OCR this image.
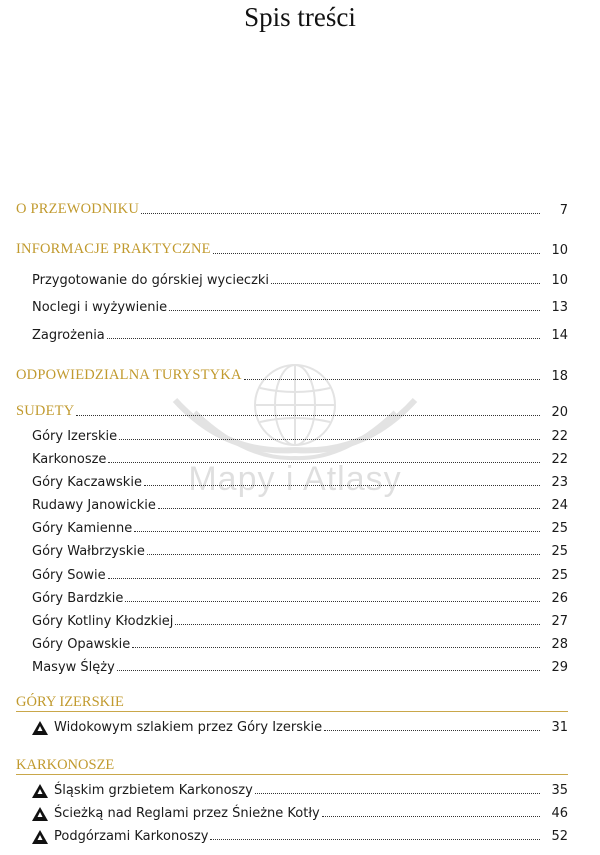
Spis treści
Mapy i Atlasy
O PRZEWODNIKU	7
INFORMACJE PRAKTYCZNE	10
Przygotowanie do górskiej wycieczki	10
Noclegi i wyżywienie	13
Zagrożenia	14
ODPOWIEDZIALNA TURYSTYKA	18
SUDETY	20
Góry Izerskie	22
Karkonosze	22
Góry Kaczawskie	23
Rudawy Janowickie	24
Góry Kamienne	25
Góry Wałbrzyskie	25
Góry Sowie	25
Góry Bardzkie	26
Góry Kotliny Kłodzkiej	27
Góry Opawskie	28
Masyw Ślęży	29
GÓRY IZERSKIE
Widokowym szlakiem przez Góry Izerskie	31
KARKONOSZE
Śląskim grzbietem Karkonoszy	35
Ścieżką nad Reglami przez Śnieżne Kotły	46
Podgórzami Karkonoszy	52
